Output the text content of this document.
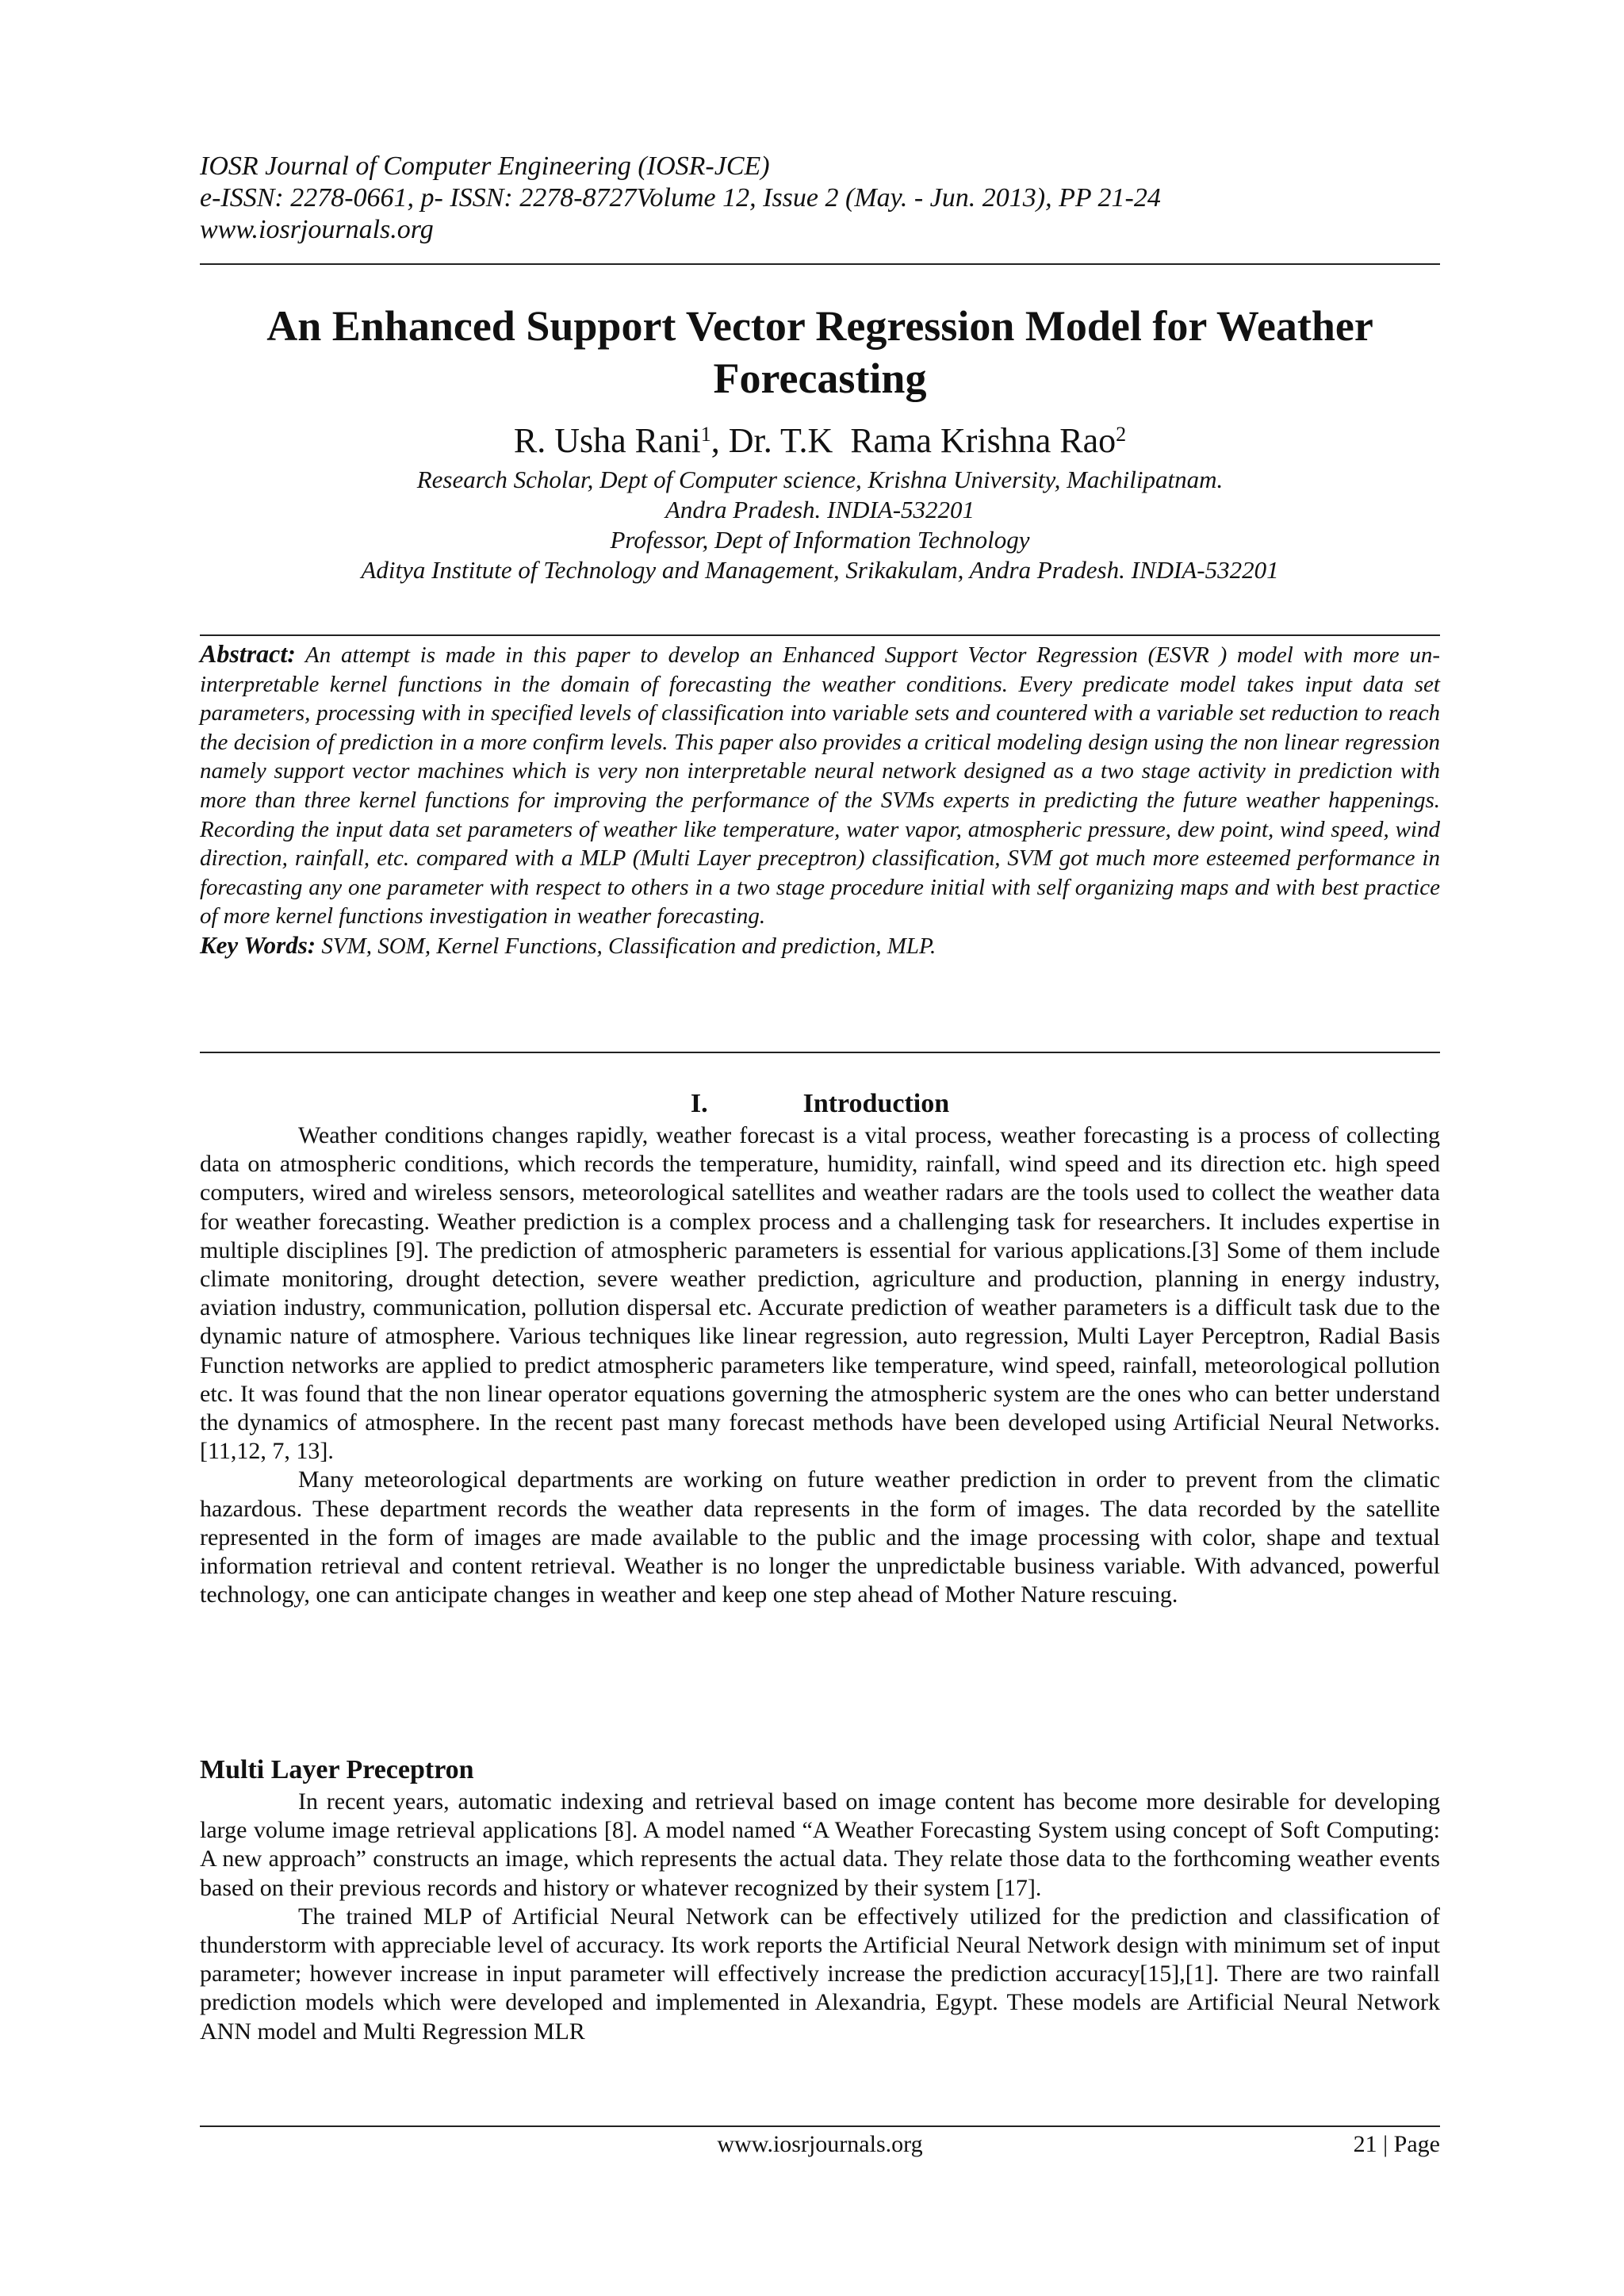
IOSR Journal of Computer Engineering (IOSR-JCE)
e-ISSN: 2278-0661, p- ISSN: 2278-8727Volume 12, Issue 2 (May. - Jun. 2013), PP 21-24
www.iosrjournals.org
An Enhanced Support Vector Regression Model for Weather Forecasting
R. Usha Rani$^1$, Dr. T.K  Rama Krishna Rao$^2$
Research Scholar, Dept of Computer science, Krishna University, Machilipatnam.
Andra Pradesh. INDIA-532201
Professor, Dept of Information Technology
Aditya Institute of Technology and Management, Srikakulam, Andra Pradesh. INDIA-532201
Abstract: An attempt is made in this paper to develop an Enhanced Support Vector Regression (ESVR ) model with more un-interpretable kernel functions in the domain of forecasting the weather conditions. Every predicate model takes input data set parameters, processing with in specified levels of classification into variable sets and countered with a variable set reduction to reach the decision of prediction in a more confirm levels. This paper also provides a critical modeling design using the non linear regression namely support vector machines which is very non interpretable neural network designed as a two stage activity in prediction with more than three kernel functions for improving the performance of the SVMs experts in predicting the future weather happenings. Recording the input data set parameters of weather like temperature, water vapor, atmospheric pressure, dew point, wind speed, wind direction, rainfall, etc. compared with a MLP (Multi Layer preceptron) classification, SVM got much more esteemed performance in forecasting any one parameter with respect to others in a two stage procedure initial with self organizing maps and with best practice of more kernel functions investigation in weather forecasting.
Key Words: SVM, SOM, Kernel Functions, Classification and prediction, MLP.
I.	Introduction

Weather conditions changes rapidly, weather forecast is a vital process, weather forecasting is a process of collecting data on atmospheric conditions, which records the temperature, humidity, rainfall, wind speed and its direction etc. high speed computers, wired and wireless sensors, meteorological satellites and weather radars are the tools used to collect the weather data for weather forecasting. Weather prediction is a complex process and a challenging task for researchers. It includes expertise in multiple disciplines [9]. The prediction of atmospheric parameters is essential for various applications.[3] Some of them include climate monitoring, drought detection, severe weather prediction, agriculture and production, planning in energy industry, aviation industry, communication, pollution dispersal etc. Accurate prediction of weather parameters is a difficult task due to the dynamic nature of atmosphere. Various techniques like linear regression, auto regression, Multi Layer Perceptron, Radial Basis Function networks are applied to predict atmospheric parameters like temperature, wind speed, rainfall, meteorological pollution etc. It was found that the non linear operator equations governing the atmospheric system are the ones who can better understand the dynamics of atmosphere. In the recent past many forecast methods have been developed using Artificial Neural Networks.[11,12, 7, 13].

Many meteorological departments are working on future weather prediction in order to prevent from the climatic hazardous. These department records the weather data represents in the form of images. The data recorded by the satellite represented in the form of images are made available to the public and the image processing with color, shape and textual information retrieval and content retrieval. Weather is no longer the unpredictable business variable. With advanced, powerful technology, one can anticipate changes in weather and keep one step ahead of Mother Nature rescuing.

Multi Layer Preceptron

In recent years, automatic indexing and retrieval based on image content has become more desirable for developing large volume image retrieval applications [8]. A model named “A Weather Forecasting System using concept of Soft Computing: A new approach” constructs an image, which represents the actual data. They relate those data to the forthcoming weather events based on their previous records and history or whatever recognized by their system [17].

The trained MLP of Artificial Neural Network can be effectively utilized for the prediction and classification of thunderstorm with appreciable level of accuracy. Its work reports the Artificial Neural Network design with minimum set of input parameter; however increase in input parameter will effectively increase the prediction accuracy[15],[1]. There are two rainfall prediction models which were developed and implemented in Alexandria, Egypt. These models are Artificial Neural Network ANN model and Multi Regression MLR

www.iosrjournals.org	21 | Page
